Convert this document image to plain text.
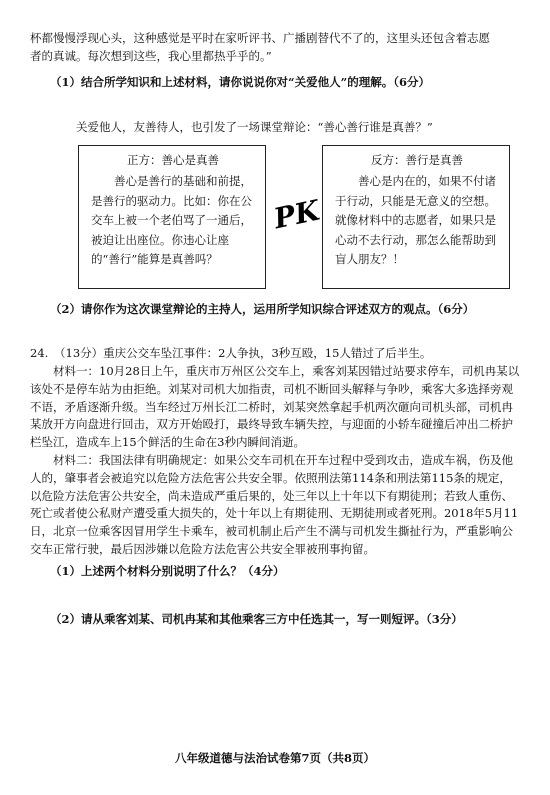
杯都慢慢浮现心头，这种感觉是平时在家听评书、广播剧替代不了的，这里头还包含着志愿

者的真诚。每次想到这些，我心里都热乎乎的。”

（1）结合所学知识和上述材料，请你说说你对“关爱他人”的理解。（6分）

关爱他人，友善待人，也引发了一场课堂辩论：“善心善行谁是真善？”

正方：善心是真善

善心是善行的基础和前提，是善行的驱动力。比如：你在公交车上被一个老伯骂了一通后，被迫让出座位。你违心让座的“善行”能算是真善吗？

PK

反方：善行是真善

善心是内在的，如果不付诸于行动，只能是无意义的空想。就像材料中的志愿者，如果只是心动不去行动，那怎么能帮助到盲人朋友？！

（2）请你作为这次课堂辩论的主持人，运用所学知识综合评述双方的观点。（6分）

24.　（13分）重庆公交车坠江事件：2人争执，3秒互殴，15人错过了后半生。

材料一：10月28日上午，重庆市万州区公交车上，乘客刘某因错过站要求停车，司机冉某以该处不是停车站为由拒绝。刘某对司机大加指责，司机不断回头解释与争吵，乘客大多选择旁观不语，矛盾逐渐升级。当车经过万州长江二桥时，刘某突然拿起手机两次砸向司机头部，司机冉某放开方向盘进行回击，双方开始殴打，最终导致车辆失控，与迎面的小轿车碰撞后冲出二桥护栏坠江，造成车上15个鲜活的生命在3秒内瞬间消逝。

材料二：我国法律有明确规定：如果公交车司机在开车过程中受到攻击，造成车祸，伤及他人的，肇事者会被追究以危险方法危害公共安全罪。依照刑法第114条和刑法第115条的规定，以危险方法危害公共安全，尚未造成严重后果的，处三年以上十年以下有期徒刑；若致人重伤、死亡或者使公私财产遭受重大损失的，处十年以上有期徒刑、无期徒刑或者死刑。2018年5月11日，北京一位乘客因冒用学生卡乘车，被司机制止后产生不满与司机发生撕扯行为，严重影响公交车正常行驶，最后因涉嫌以危险方法危害公共安全罪被刑事拘留。

（1）上述两个材料分别说明了什么？（4分）

（2）请从乘客刘某、司机冉某和其他乘客三方中任选其一，写一则短评。（3分）

八年级道德与法治试卷第7页（共8页）
